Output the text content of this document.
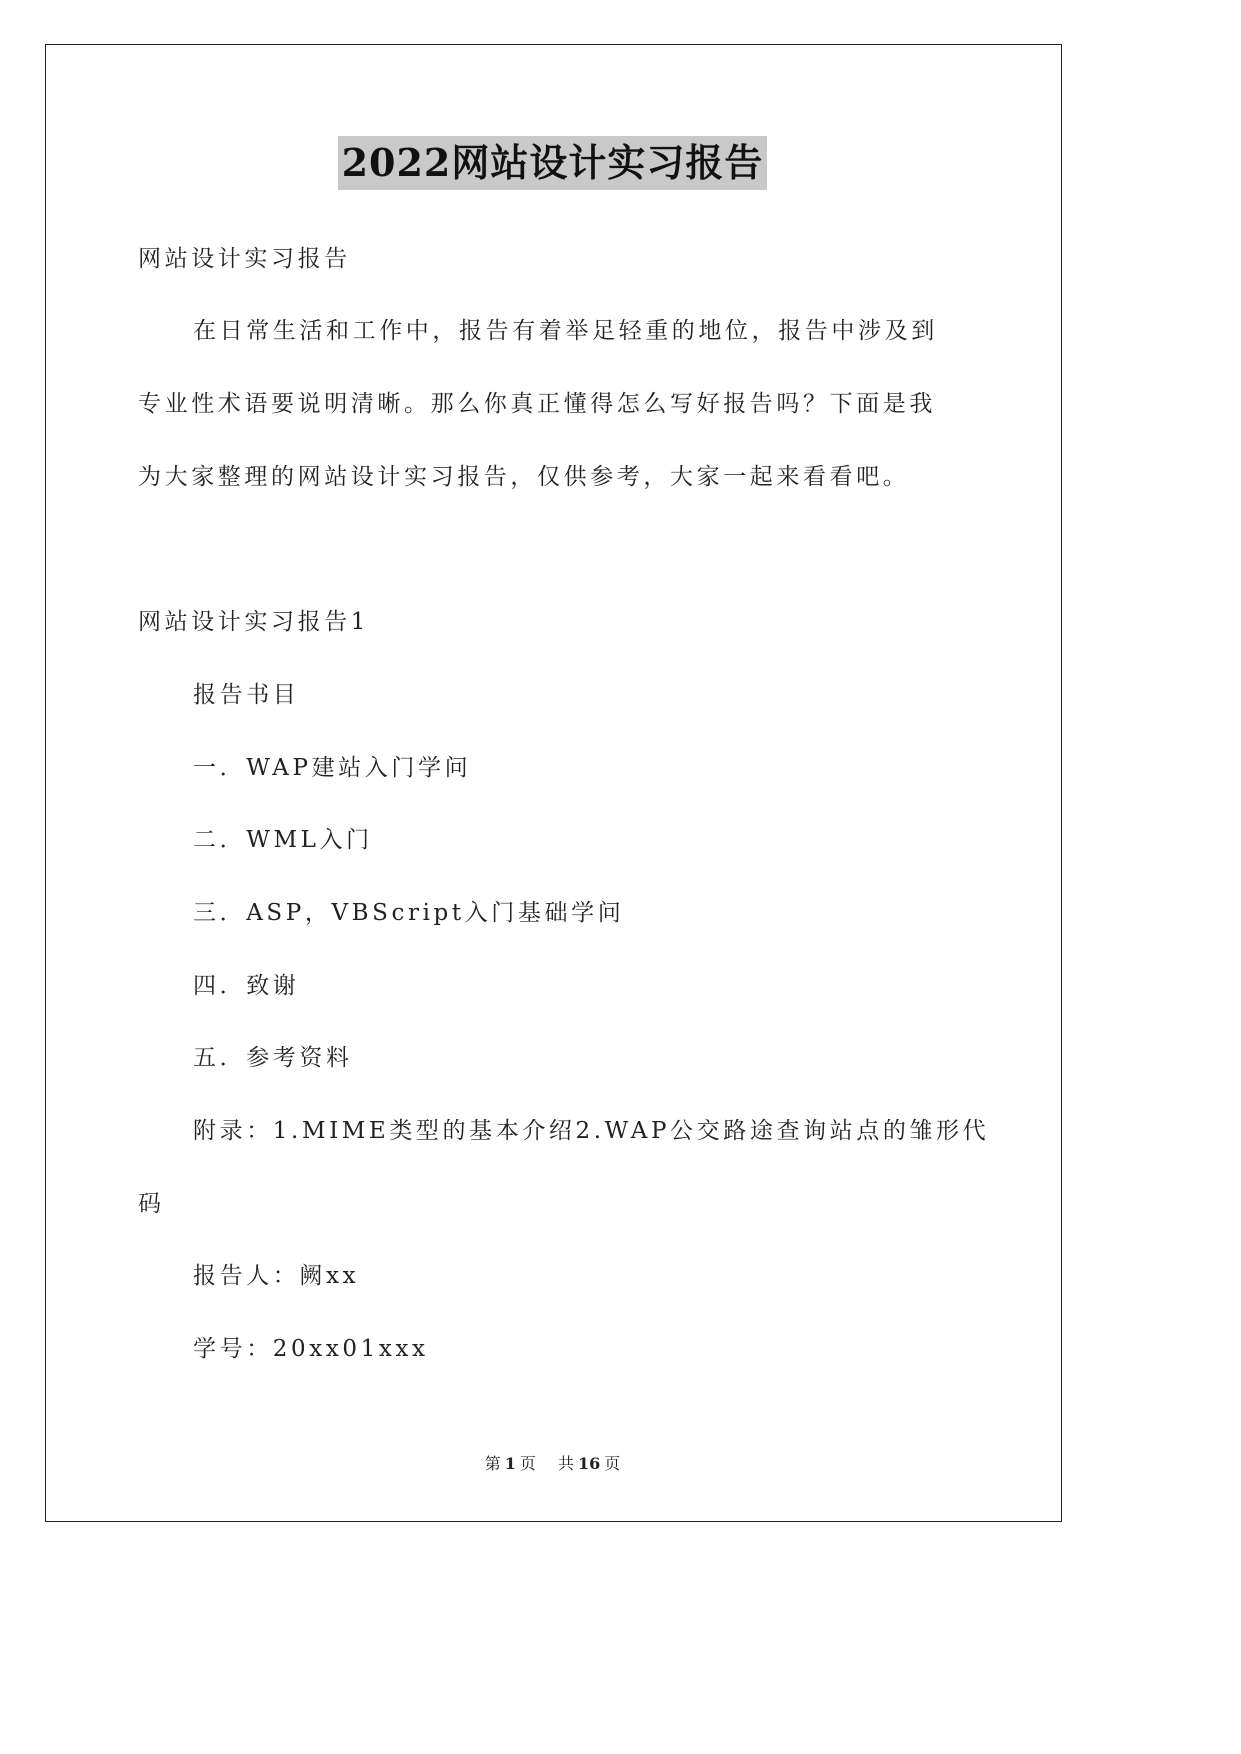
2022网站设计实习报告
网站设计实习报告
在日常生活和工作中，报告有着举足轻重的地位，报告中涉及到
专业性术语要说明清晰。那么你真正懂得怎么写好报告吗？下面是我
为大家整理的网站设计实习报告，仅供参考，大家一起来看看吧。
网站设计实习报告1
报告书目
一．WAP建站入门学问
二．WML入门
三．ASP，VBScript入门基础学问
四．致谢
五．参考资料
附录：1.MIME类型的基本介绍2.WAP公交路途查询站点的雏形代
码
报告人：阙xx
学号：20xx01xxx
第 1 页 共 16 页
